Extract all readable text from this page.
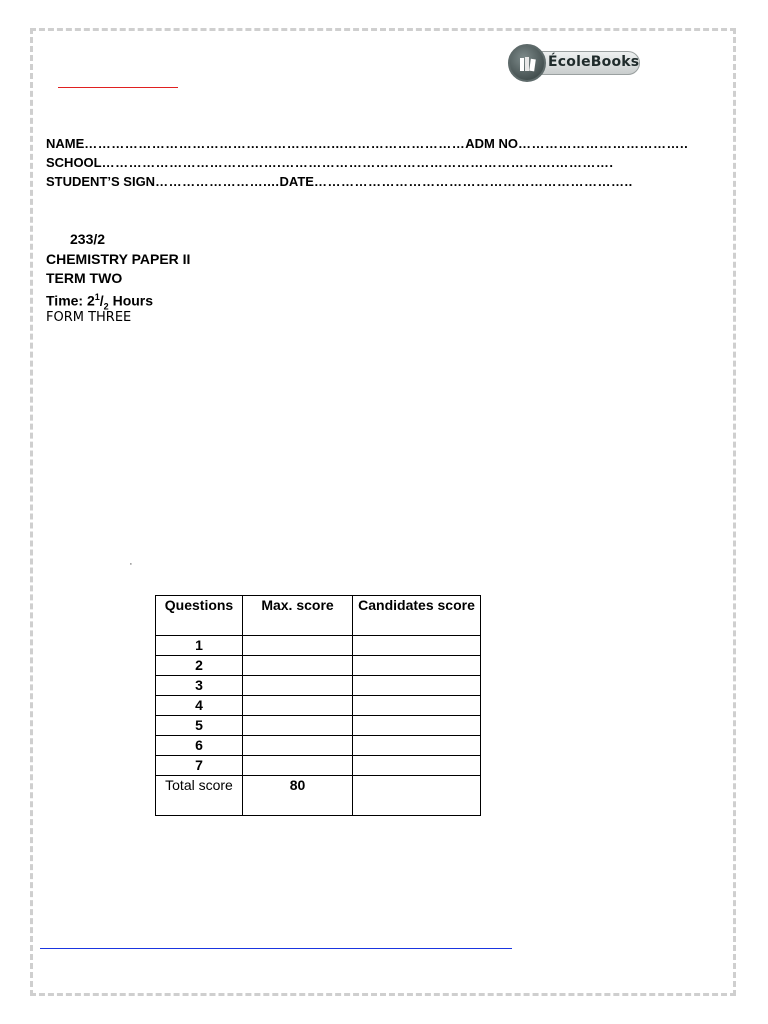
ÉcoleBooks
NAME…………………………………………….…...………………………ADM NO………………………………..
SCHOOL………………………………….…………………………………………………….………….
STUDENT’S SIGN……………………....DATE……………………………………………………………..
233/2
CHEMISTRY PAPER II
TERM TWO
Time: $2^1/_2$ Hours
FORM THREE
‚
Questions	Max. score	Candidates score
1		
2		
3		
4		
5		
6		
7		
Total score	80	
